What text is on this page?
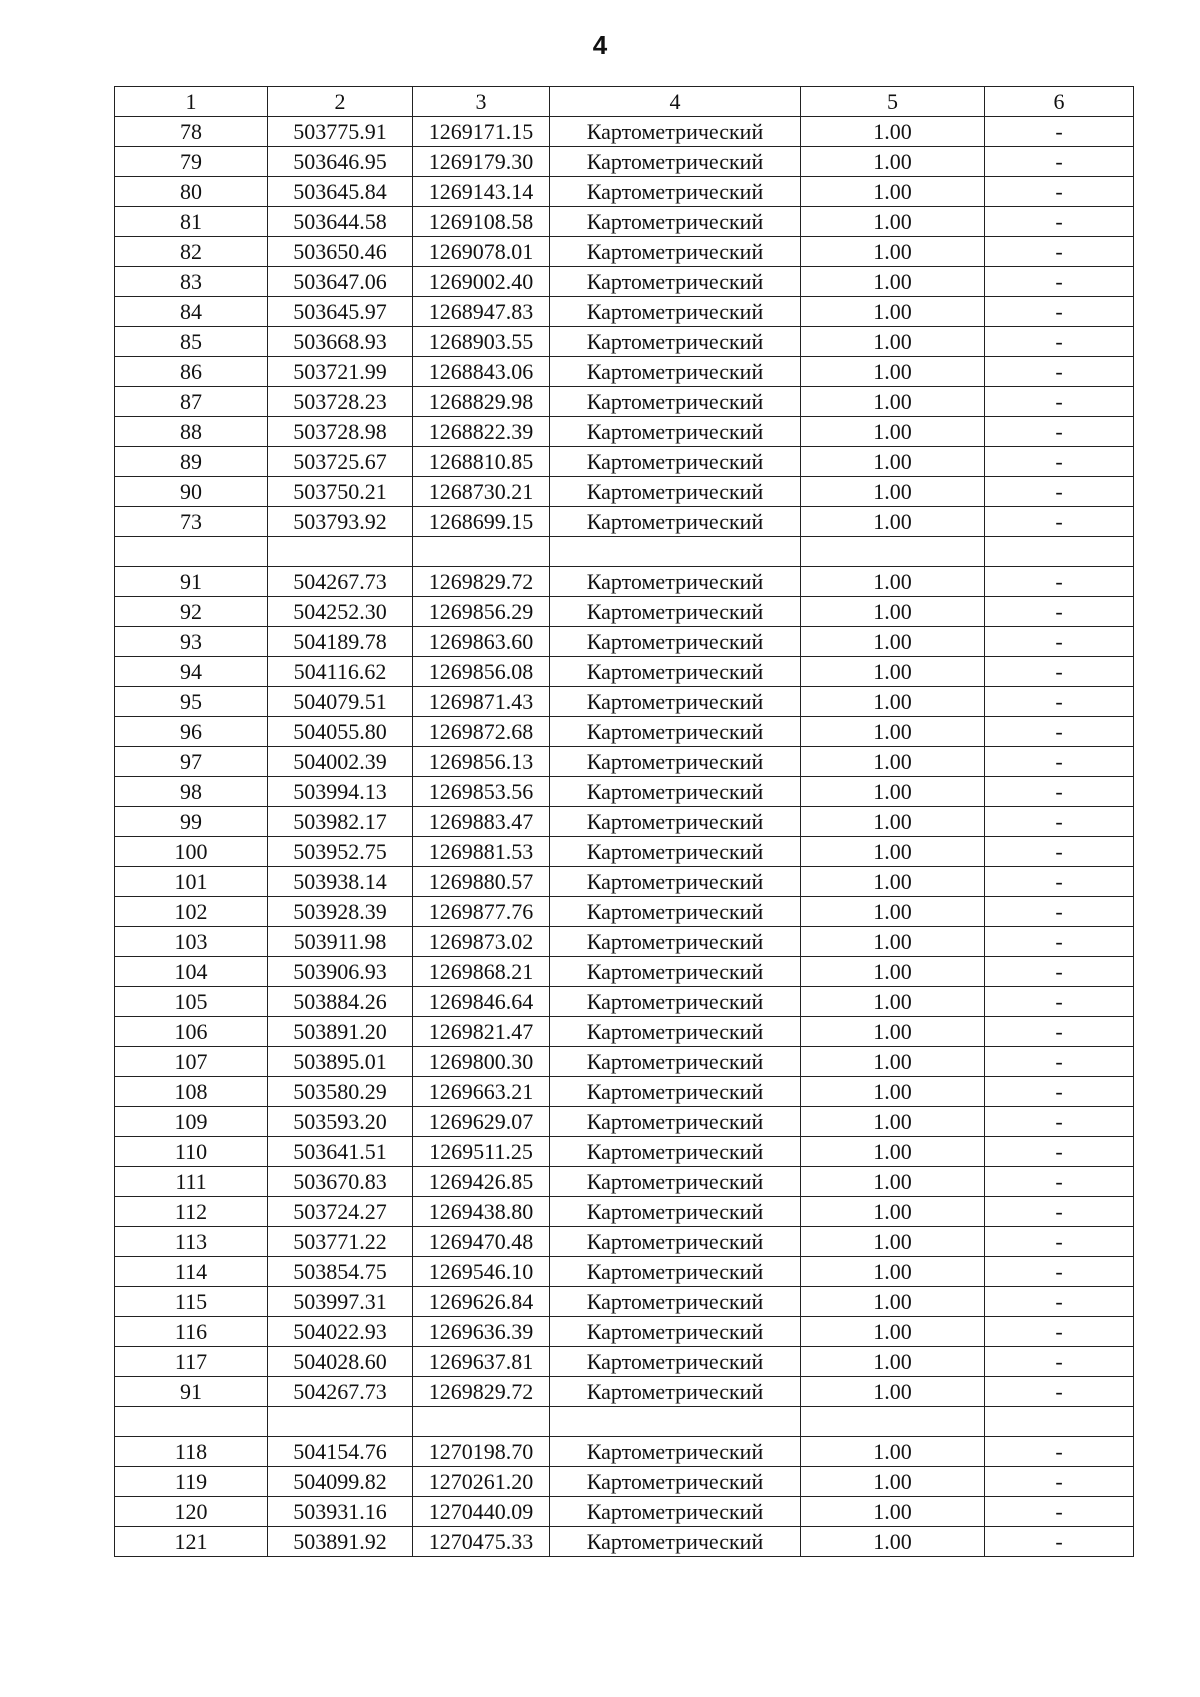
4
1	2	3	4	5	6
78	503775.91	1269171.15	Картометрический	1.00	-
79	503646.95	1269179.30	Картометрический	1.00	-
80	503645.84	1269143.14	Картометрический	1.00	-
81	503644.58	1269108.58	Картометрический	1.00	-
82	503650.46	1269078.01	Картометрический	1.00	-
83	503647.06	1269002.40	Картометрический	1.00	-
84	503645.97	1268947.83	Картометрический	1.00	-
85	503668.93	1268903.55	Картометрический	1.00	-
86	503721.99	1268843.06	Картометрический	1.00	-
87	503728.23	1268829.98	Картометрический	1.00	-
88	503728.98	1268822.39	Картометрический	1.00	-
89	503725.67	1268810.85	Картометрический	1.00	-
90	503750.21	1268730.21	Картометрический	1.00	-
73	503793.92	1268699.15	Картометрический	1.00	-

91	504267.73	1269829.72	Картометрический	1.00	-
92	504252.30	1269856.29	Картометрический	1.00	-
93	504189.78	1269863.60	Картометрический	1.00	-
94	504116.62	1269856.08	Картометрический	1.00	-
95	504079.51	1269871.43	Картометрический	1.00	-
96	504055.80	1269872.68	Картометрический	1.00	-
97	504002.39	1269856.13	Картометрический	1.00	-
98	503994.13	1269853.56	Картометрический	1.00	-
99	503982.17	1269883.47	Картометрический	1.00	-
100	503952.75	1269881.53	Картометрический	1.00	-
101	503938.14	1269880.57	Картометрический	1.00	-
102	503928.39	1269877.76	Картометрический	1.00	-
103	503911.98	1269873.02	Картометрический	1.00	-
104	503906.93	1269868.21	Картометрический	1.00	-
105	503884.26	1269846.64	Картометрический	1.00	-
106	503891.20	1269821.47	Картометрический	1.00	-
107	503895.01	1269800.30	Картометрический	1.00	-
108	503580.29	1269663.21	Картометрический	1.00	-
109	503593.20	1269629.07	Картометрический	1.00	-
110	503641.51	1269511.25	Картометрический	1.00	-
111	503670.83	1269426.85	Картометрический	1.00	-
112	503724.27	1269438.80	Картометрический	1.00	-
113	503771.22	1269470.48	Картометрический	1.00	-
114	503854.75	1269546.10	Картометрический	1.00	-
115	503997.31	1269626.84	Картометрический	1.00	-
116	504022.93	1269636.39	Картометрический	1.00	-
117	504028.60	1269637.81	Картометрический	1.00	-
91	504267.73	1269829.72	Картометрический	1.00	-

118	504154.76	1270198.70	Картометрический	1.00	-
119	504099.82	1270261.20	Картометрический	1.00	-
120	503931.16	1270440.09	Картометрический	1.00	-
121	503891.92	1270475.33	Картометрический	1.00	-
